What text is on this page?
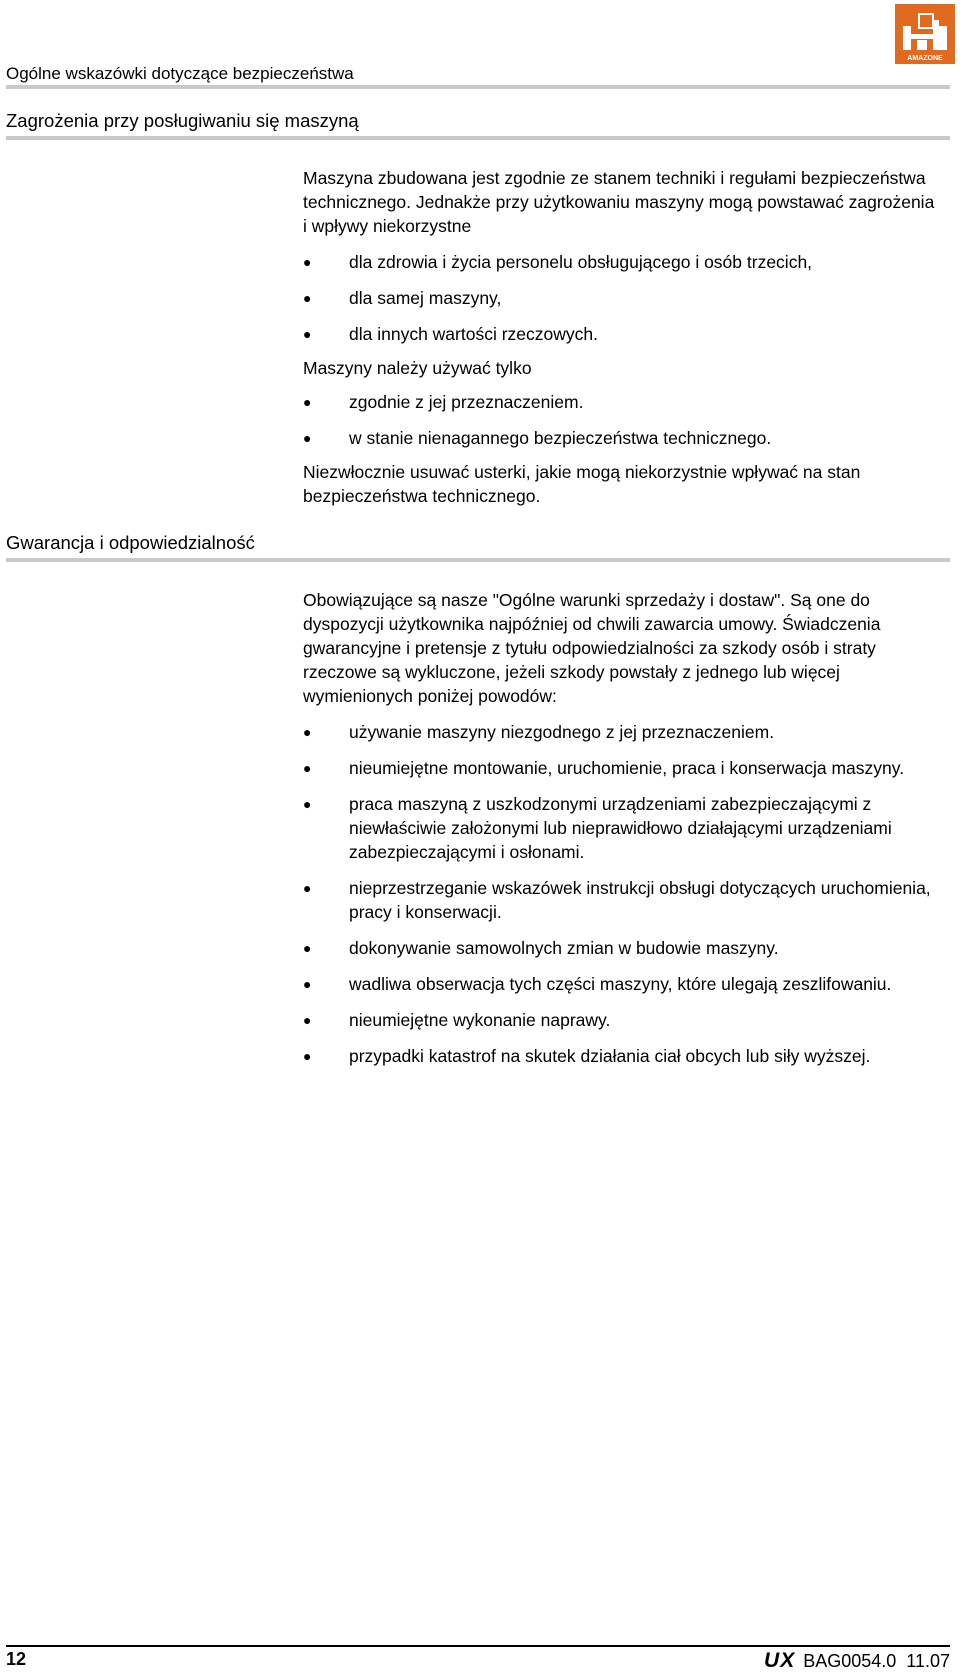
Ogólne wskazówki dotyczące bezpieczeństwa
AMAZONE
Zagrożenia przy posługiwaniu się maszyną

Maszyna zbudowana jest zgodnie ze stanem techniki i regułami bezpieczeństwa technicznego. Jednakże przy użytkowaniu maszyny mogą powstawać zagrożenia i wpływy niekorzystne

● dla zdrowia i życia personelu obsługującego i osób trzecich,
● dla samej maszyny,
● dla innych wartości rzeczowych.

Maszyny należy używać tylko

● zgodnie z jej przeznaczeniem.
● w stanie nienagannego bezpieczeństwa technicznego.

Niezwłocznie usuwać usterki, jakie mogą niekorzystnie wpływać na stan bezpieczeństwa technicznego.

Gwarancja i odpowiedzialność

Obowiązujące są nasze "Ogólne warunki sprzedaży i dostaw". Są one do dyspozycji użytkownika najpóźniej od chwili zawarcia umowy. Świadczenia gwarancyjne i pretensje z tytułu odpowiedzialności za szkody osób i straty rzeczowe są wykluczone, jeżeli szkody powstały z jednego lub więcej wymienionych poniżej powodów:

● używanie maszyny niezgodnego z jej przeznaczeniem.
● nieumiejętne montowanie, uruchomienie, praca i konserwacja maszyny.
● praca maszyną z uszkodzonymi urządzeniami zabezpieczającymi z niewłaściwie założonymi lub nieprawidłowo działającymi urządzeniami zabezpieczającymi i osłonami.
● nieprzestrzeganie wskazówek instrukcji obsługi dotyczących uruchomienia, pracy i konserwacji.
● dokonywanie samowolnych zmian w budowie maszyny.
● wadliwa obserwacja tych części maszyny, które ulegają zeszlifowaniu.
● nieumiejętne wykonanie naprawy.
● przypadki katastrof na skutek działania ciał obcych lub siły wyższej.
12	UX BAG0054.0  11.07
